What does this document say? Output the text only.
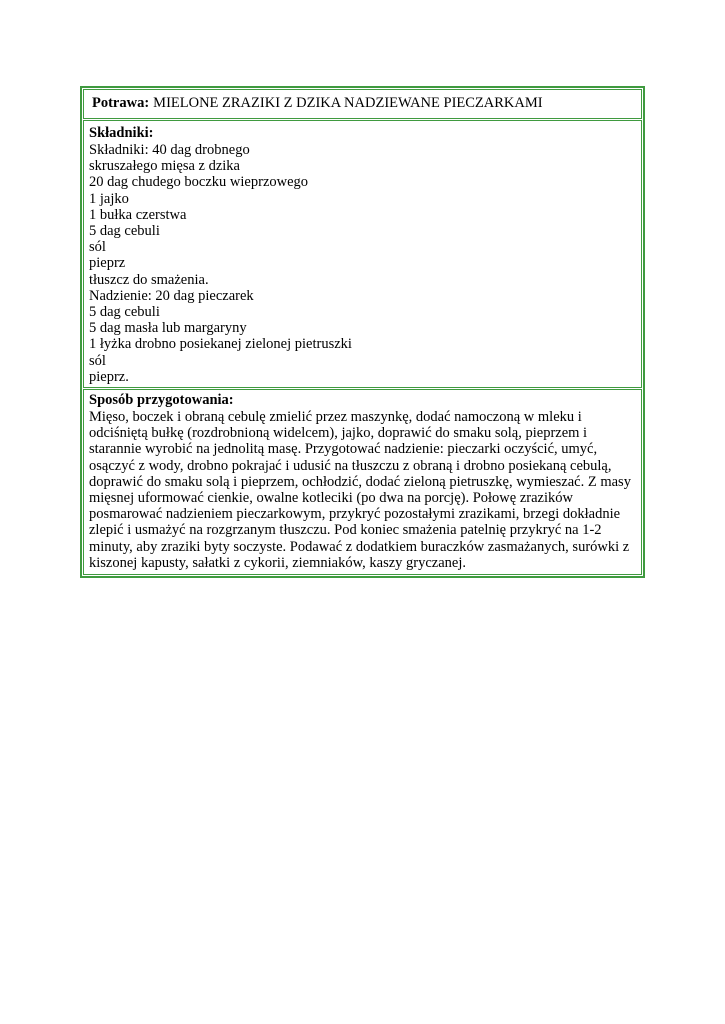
Potrawa: MIELONE ZRAZIKI Z DZIKA NADZIEWANE PIECZARKAMI
Składniki:
Składniki: 40 dag drobnego
skruszałego mięsa z dzika
20 dag chudego boczku wieprzowego
1 jajko
1 bułka czerstwa
5 dag cebuli
sól
pieprz
tłuszcz do smażenia.
Nadzienie: 20 dag pieczarek
5 dag cebuli
5 dag masła lub margaryny
1 łyżka drobno posiekanej zielonej pietruszki
sól
pieprz.
Sposób przygotowania:
Mięso, boczek i obraną cebulę zmielić przez maszynkę, dodać namoczoną w mleku i
odciśniętą bułkę (rozdrobnioną widelcem), jajko, doprawić do smaku solą, pieprzem i
starannie wyrobić na jednolitą masę. Przygotować nadzienie: pieczarki oczyścić, umyć,
osączyć z wody, drobno pokrajać i udusić na tłuszczu z obraną i drobno posiekaną cebulą,
doprawić do smaku solą i pieprzem, ochłodzić, dodać zieloną pietruszkę, wymieszać. Z masy
mięsnej uformować cienkie, owalne kotleciki (po dwa na porcję). Połowę zrazików
posmarować nadzieniem pieczarkowym, przykryć pozostałymi zrazikami, brzegi dokładnie
zlepić i usmażyć na rozgrzanym tłuszczu. Pod koniec smażenia patelnię przykryć na 1-2
minuty, aby zraziki byty soczyste. Podawać z dodatkiem buraczków zasmażanych, surówki z
kiszonej kapusty, sałatki z cykorii, ziemniaków, kaszy gryczanej.
